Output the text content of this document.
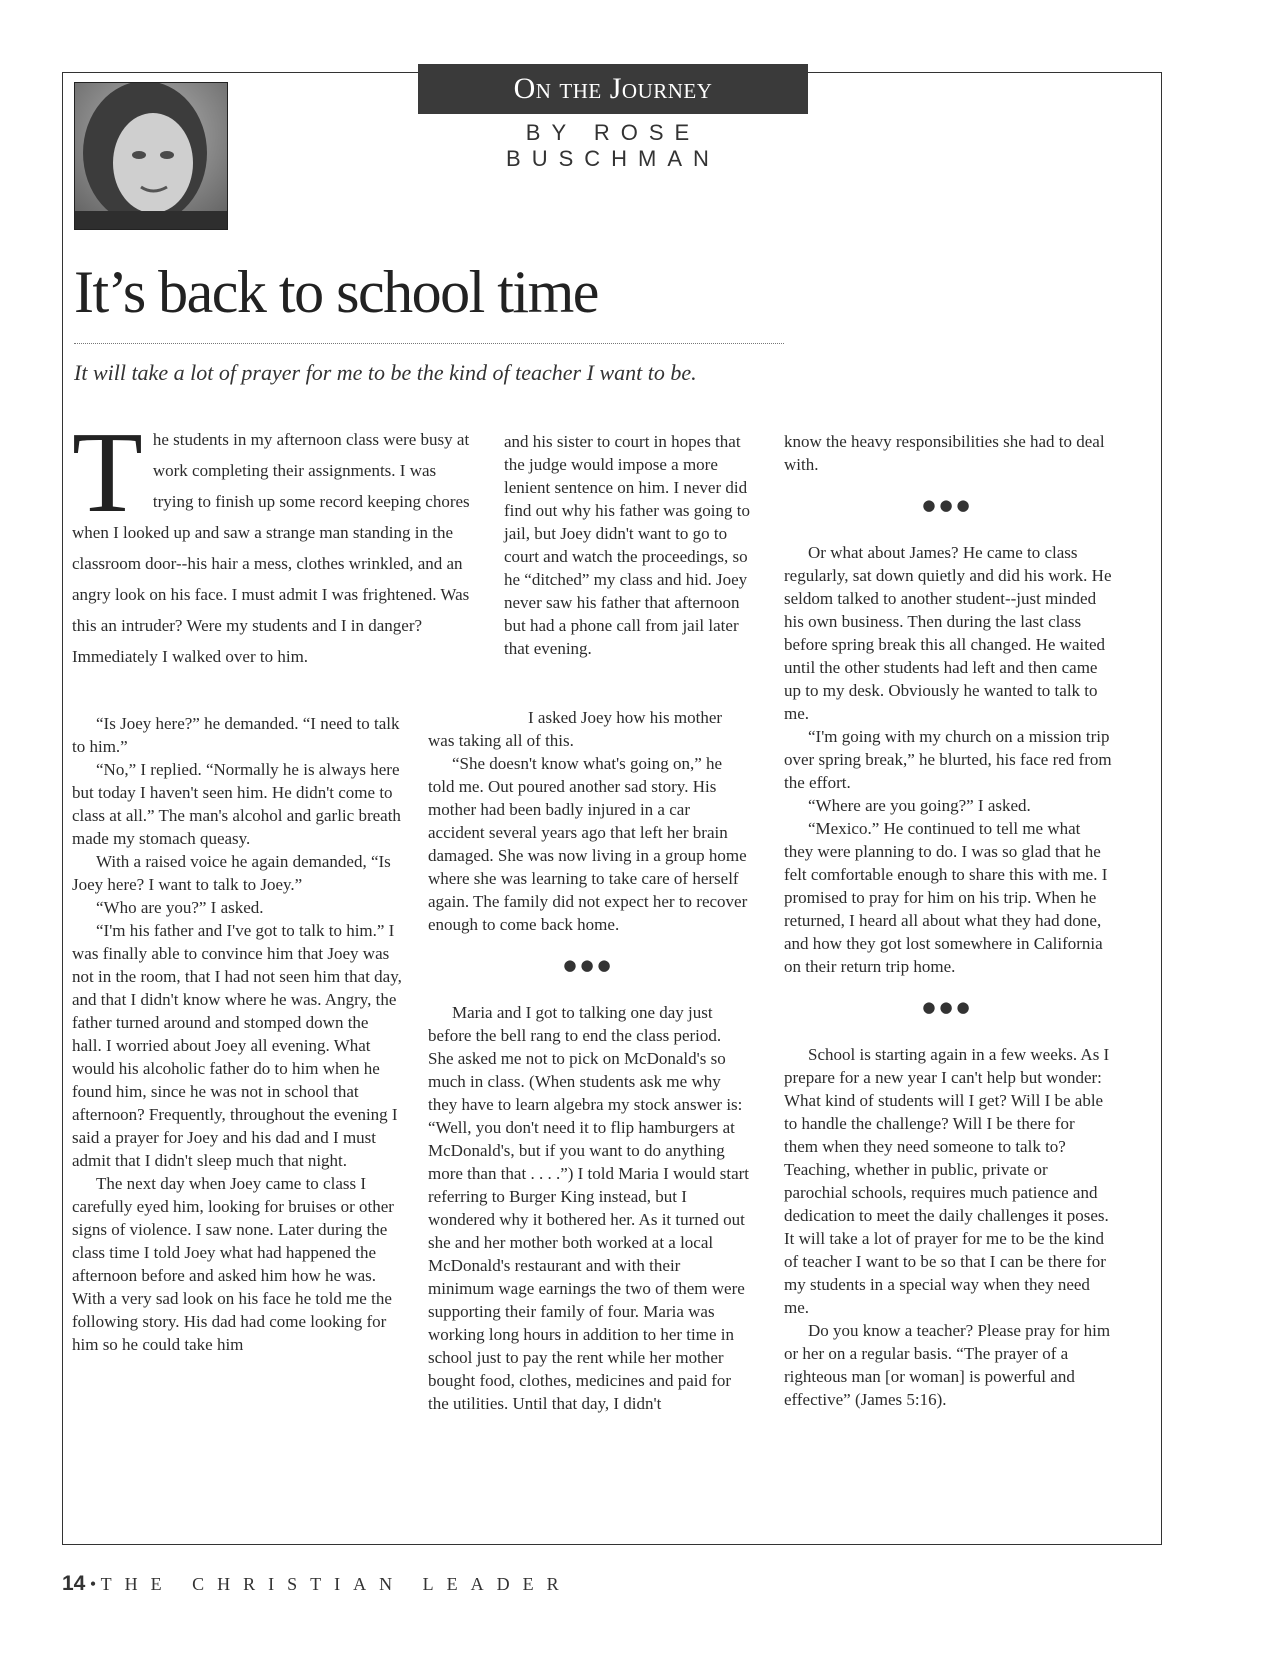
On the Journey
BY ROSE BUSCHMAN
It’s back to school time

It will take a lot of prayer for me to be the kind of teacher I want to be.

The students in my afternoon class were busy at work completing their assignments. I was trying to finish up some record keeping chores when I looked up and saw a strange man standing in the classroom door--his hair a mess, clothes wrinkled, and an angry look on his face. I must admit I was frightened. Was this an intruder? Were my students and I in danger? Immediately I walked over to him.

“Is Joey here?” he demanded. “I need to talk to him.”

“No,” I replied. “Normally he is always here but today I haven't seen him. He didn't come to class at all.” The man's alcohol and garlic breath made my stomach queasy.

With a raised voice he again demanded, “Is Joey here? I want to talk to Joey.”

“Who are you?” I asked.

“I'm his father and I've got to talk to him.” I was finally able to convince him that Joey was not in the room, that I had not seen him that day, and that I didn't know where he was. Angry, the father turned around and stomped down the hall. I worried about Joey all evening. What would his alcoholic father do to him when he found him, since he was not in school that afternoon? Frequently, throughout the evening I said a prayer for Joey and his dad and I must admit that I didn't sleep much that night.

The next day when Joey came to class I carefully eyed him, looking for bruises or other signs of violence. I saw none. Later during the class time I told Joey what had happened the afternoon before and asked him how he was. With a very sad look on his face he told me the following story. His dad had come looking for him so he could take him

and his sister to court in hopes that the judge would impose a more lenient sentence on him. I never did find out why his father was going to jail, but Joey didn't want to go to court and watch the proceedings, so he “ditched” my class and hid. Joey never saw his father that afternoon but had a phone call from jail later that evening.

I asked Joey how his mother was taking all of this.

“She doesn't know what's going on,” he told me. Out poured another sad story. His mother had been badly injured in a car accident several years ago that left her brain damaged. She was now living in a group home where she was learning to take care of herself again. The family did not expect her to recover enough to come back home.

●●●

Maria and I got to talking one day just before the bell rang to end the class period. She asked me not to pick on McDonald's so much in class. (When students ask me why they have to learn algebra my stock answer is: “Well, you don't need it to flip hamburgers at McDonald's, but if you want to do anything more than that . . . .”) I told Maria I would start referring to Burger King instead, but I wondered why it bothered her. As it turned out she and her mother both worked at a local McDonald's restaurant and with their minimum wage earnings the two of them were supporting their family of four. Maria was working long hours in addition to her time in school just to pay the rent while her mother bought food, clothes, medicines and paid for the utilities. Until that day, I didn't

know the heavy responsibilities she had to deal with.

●●●

Or what about James? He came to class regularly, sat down quietly and did his work. He seldom talked to another student--just minded his own business. Then during the last class before spring break this all changed. He waited until the other students had left and then came up to my desk. Obviously he wanted to talk to me.

“I'm going with my church on a mission trip over spring break,” he blurted, his face red from the effort.

“Where are you going?” I asked.

“Mexico.” He continued to tell me what they were planning to do. I was so glad that he felt comfortable enough to share this with me. I promised to pray for him on his trip. When he returned, I heard all about what they had done, and how they got lost somewhere in California on their return trip home.

●●●

School is starting again in a few weeks. As I prepare for a new year I can't help but wonder: What kind of students will I get? Will I be able to handle the challenge? Will I be there for them when they need someone to talk to? Teaching, whether in public, private or parochial schools, requires much patience and dedication to meet the daily challenges it poses. It will take a lot of prayer for me to be the kind of teacher I want to be so that I can be there for my students in a special way when they need me.

Do you know a teacher? Please pray for him or her on a regular basis. “The prayer of a righteous man [or woman] is powerful and effective” (James 5:16).

14 • THE CHRISTIAN LEADER
